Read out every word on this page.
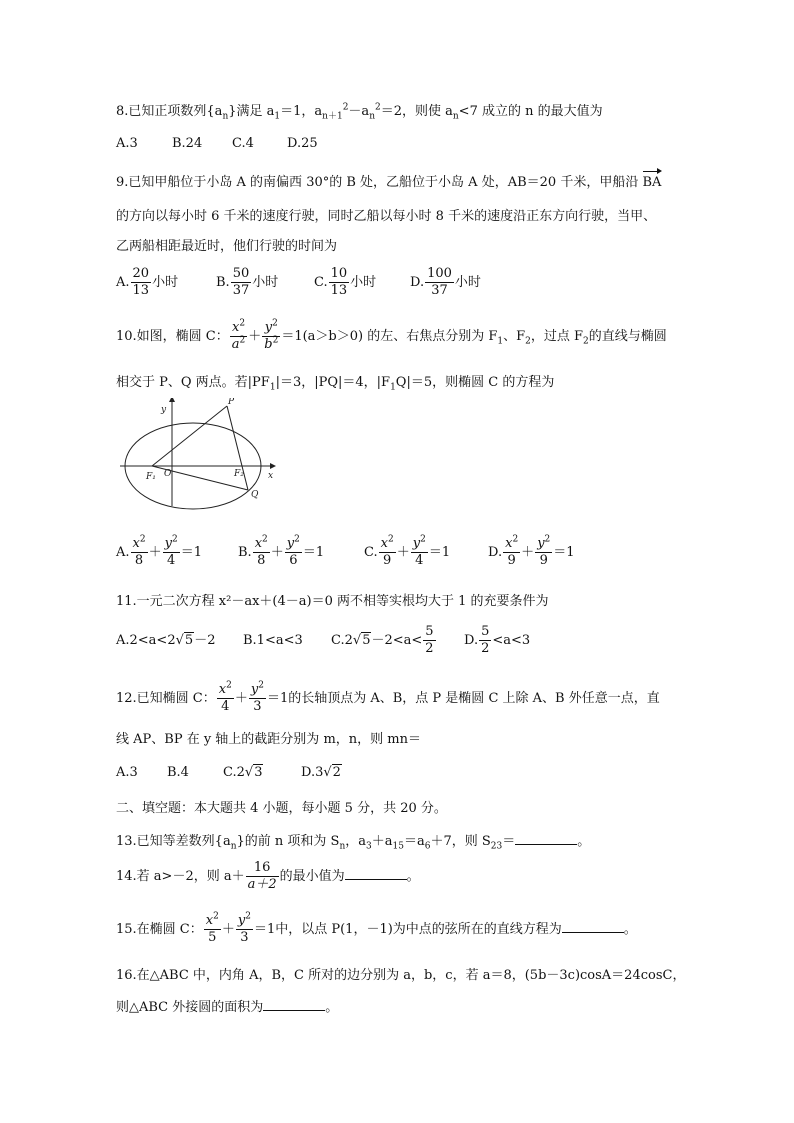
8.已知正项数列$\{a_n\}$满足 $a_1=1$，$a_{n+1}^2-a_n^2=2$，则使 $a_n<7$ 成立的 n 的最大值为
A.3	B.24 C.4	D.25
9.已知甲船位于小岛 A 的南偏西 30°的 B 处，乙船位于小岛 A 处，AB＝20 千米，甲船沿 BA
的方向以每小时 6 千米的速度行驶，同时乙船以每小时 8 千米的速度沿正东方向行驶，当甲、
乙两船相距最近时，他们行驶的时间为
A. $\frac{20}{13}$ 小时	B. $\frac{50}{37}$ 小时	C. $\frac{10}{13}$ 小时	D. $\frac{100}{37}$ 小时
10.如图，椭圆 C： $\frac{x^2}{a^2} + \frac{y^2}{b^2} =1(a>b>0)$ 的左、右焦点分别为 $F_1$、$F_2$，过点 $F_2$的直线与椭圆
相交于 P、Q 两点。若$|PF_1|=3$，|PQ|＝4，$|F_1Q|=5$，则椭圆 C 的方程为
y
x
P
O
F₁	F₂
Q
A. $\frac{x^2}{8} + \frac{y^2}{4} =1$	B. $\frac{x^2}{8} + \frac{y^2}{6} =1$	C. $\frac{x^2}{9} + \frac{y^2}{4} =1$	D. $\frac{x^2}{9} + \frac{y^2}{9} =1$
11.一元二次方程 x²－ax＋(4－a)＝0 两不相等实根均大于 1 的充要条件为
A.2<a<2√5－2 B.1<a<3 $C.2√5-2<a< \frac{5}{2} D$. $\frac{5}{2} <a<3$
12.已知椭圆 C： $\frac{x^2}{4} + \frac{y^2}{3} =1$的长轴顶点为 A、B，点 P 是椭圆 C 上除 A、B 外任意一点，直
线 AP、BP 在 y 轴上的截距分别为 m，n，则 mn＝
A.3 B.4	C.2√3	D.3√2
二、填空题：本大题共 4 小题，每小题 5 分，共 20 分。
13.已知等差数列$\{a_n\}$的前 n 项和为 $S_n$，$a_3+a_{15}=a_6+7$，则 $S_{23}=$	。
14.若 a>－2，则 $a+ \frac{16}{a+2}$ 的最小值为	。
15.在椭圆 C： $\frac{x^2}{5} + \frac{y^2}{3} =1$中，以点 P(1，－1)为中点的弦所在的直线方程为	。
16.在△ABC 中，内角 A，B，C 所对的边分别为 a，b，c，若 a＝8，(5b－3c)cosA＝24cosC，
则△ABC 外接圆的面积为	。
